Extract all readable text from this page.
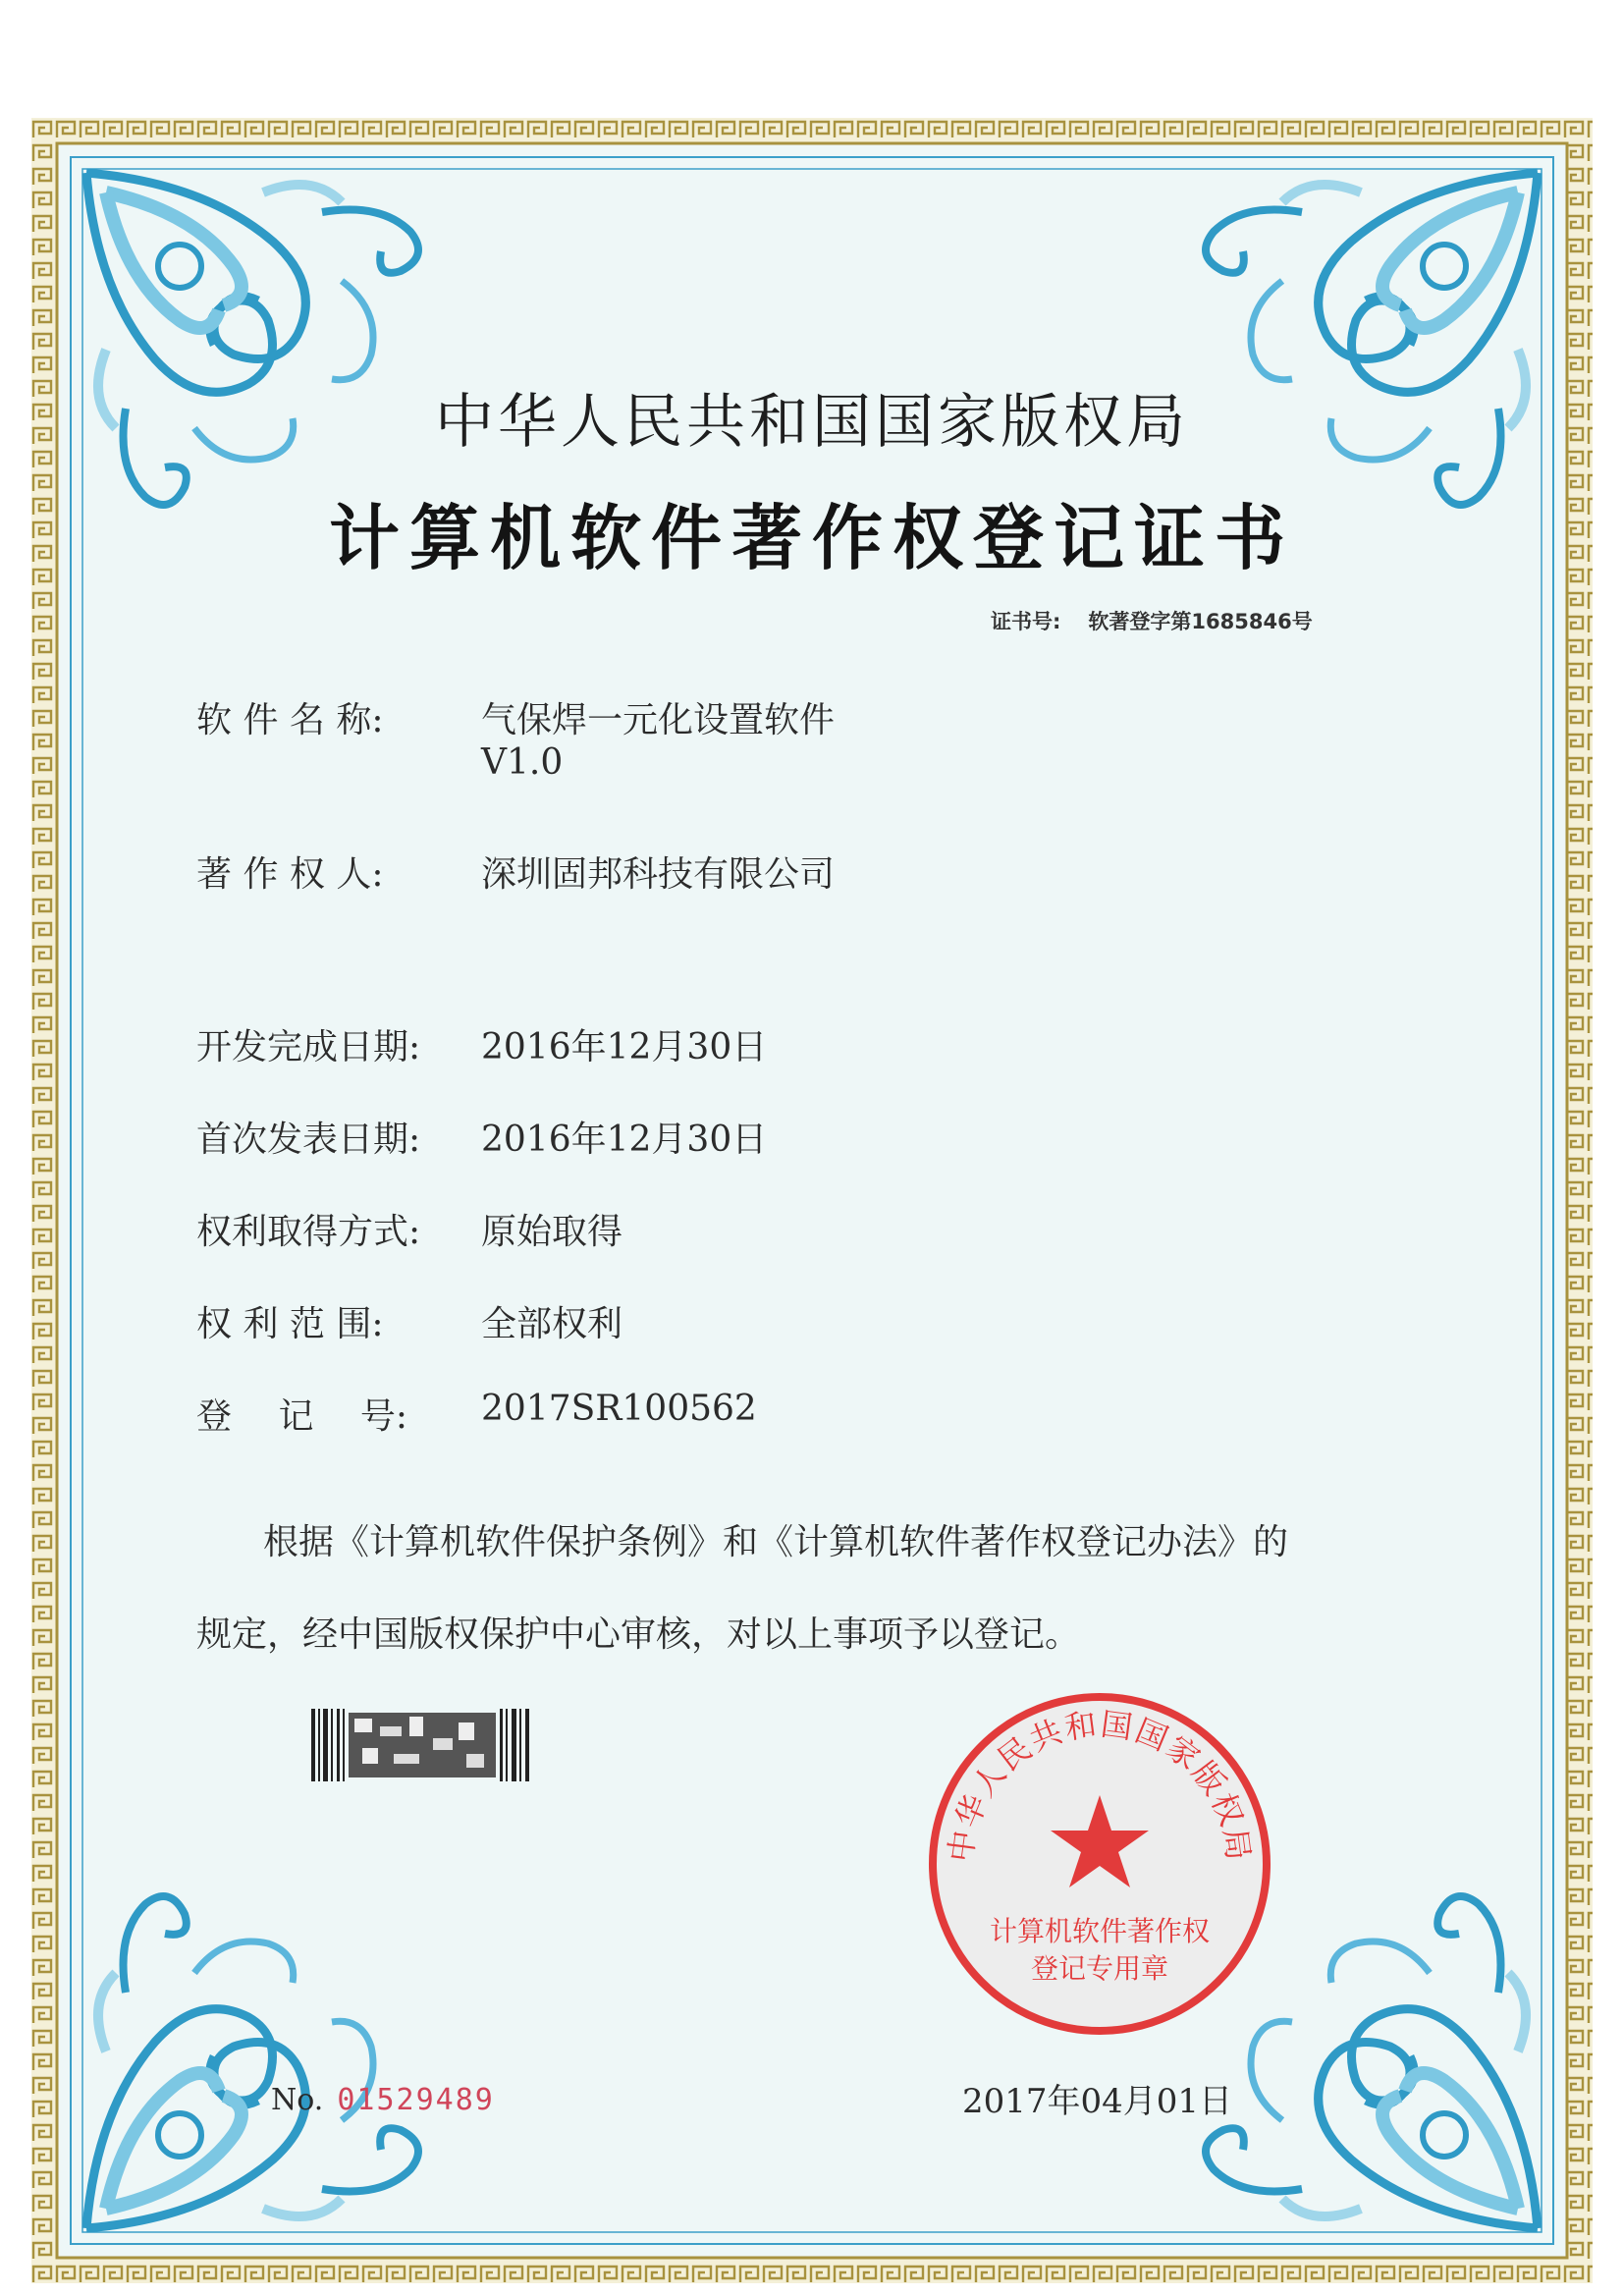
中华人民共和国国家版权局
计算机软件著作权登记证书
证书号: 软著登字第1685846号
软 件 名 称:	气保焊一元化设置软件
V1.0
著 作 权 人:	深圳固邦科技有限公司
开发完成日期: 2016年12月30日
首次发表日期: 2016年12月30日
权利取得方式: 原始取得
权 利 范 围:	全部权利
登　 记　 号: 2017SR100562
根据《计算机软件保护条例》和《计算机软件著作权登记办法》的
规定，经中国版权保护中心审核，对以上事项予以登记。
No. 01529489
中华人民共和国国家版权局
计算机软件著作权
登记专用章
2017年04月01日
